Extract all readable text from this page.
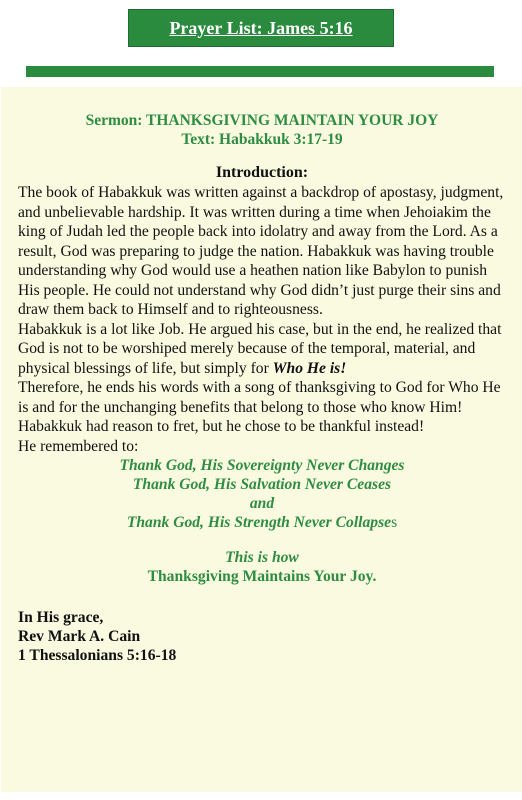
Prayer List: James 5:16
Sermon: THANKSGIVING MAINTAIN YOUR JOY
Text: Habakkuk 3:17-19
Introduction:

The book of Habakkuk was written against a backdrop of apostasy, judgment, and unbelievable hardship. It was written during a time when Jehoiakim the king of Judah led the people back into idolatry and away from the Lord. As a result, God was preparing to judge the nation. Habakkuk was having trouble understanding why God would use a heathen nation like Babylon to punish His people. He could not understand why God didn’t just purge their sins and draw them back to Himself and to righteousness.

Habakkuk is a lot like Job. He argued his case, but in the end, he realized that God is not to be worshiped merely because of the temporal, material, and physical blessings of life, but simply for Who He is!

Therefore, he ends his words with a song of thanksgiving to God for Who He is and for the unchanging benefits that belong to those who know Him! Habakkuk had reason to fret, but he chose to be thankful instead!

He remembered to:

Thank God, His Sovereignty Never Changes
Thank God, His Salvation Never Ceases
and
Thank God, His Strength Never Collapses
This is how
Thanksgiving Maintains Your Joy.
In His grace,
Rev Mark A. Cain
1 Thessalonians 5:16-18
